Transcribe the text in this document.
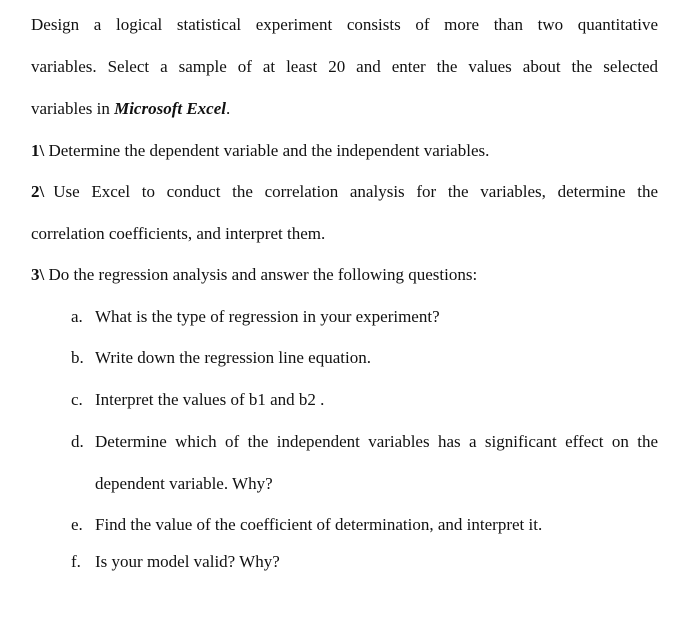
Design a logical statistical experiment consists of more than two quantitative
variables. Select a sample of at least 20 and enter the values about the selected
variables in Microsoft Excel.
1\ Determine the dependent variable and the independent variables.
2\ Use Excel to conduct the correlation analysis for the variables, determine the
correlation coefficients, and interpret them.
3\ Do the regression analysis and answer the following questions:
a. What is the type of regression in your experiment?
b. Write down the regression line equation.
c. Interpret the values of b1 and b2 .
d. Determine which of the independent variables has a significant effect on the
dependent variable. Why?
e. Find the value of the coefficient of determination, and interpret it.
f. Is your model valid? Why?
